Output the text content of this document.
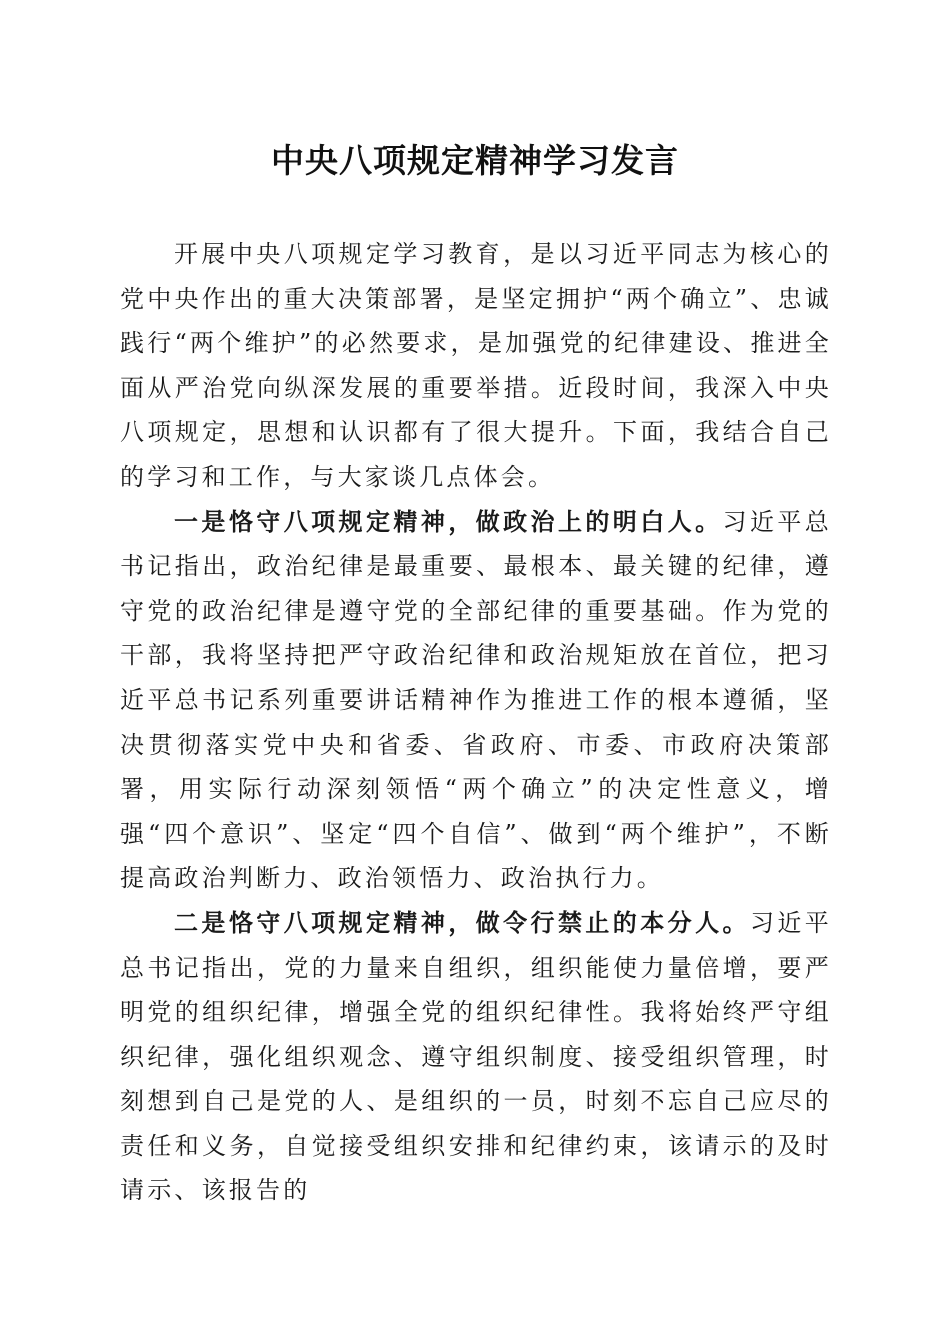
中央八项规定精神学习发言

开展中央八项规定学习教育，是以习近平同志为核心的党中央作出的重大决策部署，是坚定拥护“两个确立”、忠诚践行“两个维护”的必然要求，是加强党的纪律建设、推进全面从严治党向纵深发展的重要举措。近段时间，我深入中央八项规定，思想和认识都有了很大提升。下面，我结合自己的学习和工作，与大家谈几点体会。

一是恪守八项规定精神，做政治上的明白人。习近平总书记指出，政治纪律是最重要、最根本、最关键的纪律，遵守党的政治纪律是遵守党的全部纪律的重要基础。作为党的干部，我将坚持把严守政治纪律和政治规矩放在首位，把习近平总书记系列重要讲话精神作为推进工作的根本遵循，坚决贯彻落实党中央和省委、省政府、市委、市政府决策部署，用实际行动深刻领悟“两个确立”的决定性意义，增强“四个意识”、坚定“四个自信”、做到“两个维护”，不断提高政治判断力、政治领悟力、政治执行力。

二是恪守八项规定精神，做令行禁止的本分人。习近平总书记指出，党的力量来自组织，组织能使力量倍增，要严明党的组织纪律，增强全党的组织纪律性。我将始终严守组织纪律，强化组织观念、遵守组织制度、接受组织管理，时刻想到自己是党的人、是组织的一员，时刻不忘自己应尽的责任和义务，自觉接受组织安排和纪律约束，该请示的及时请示、该报告的
